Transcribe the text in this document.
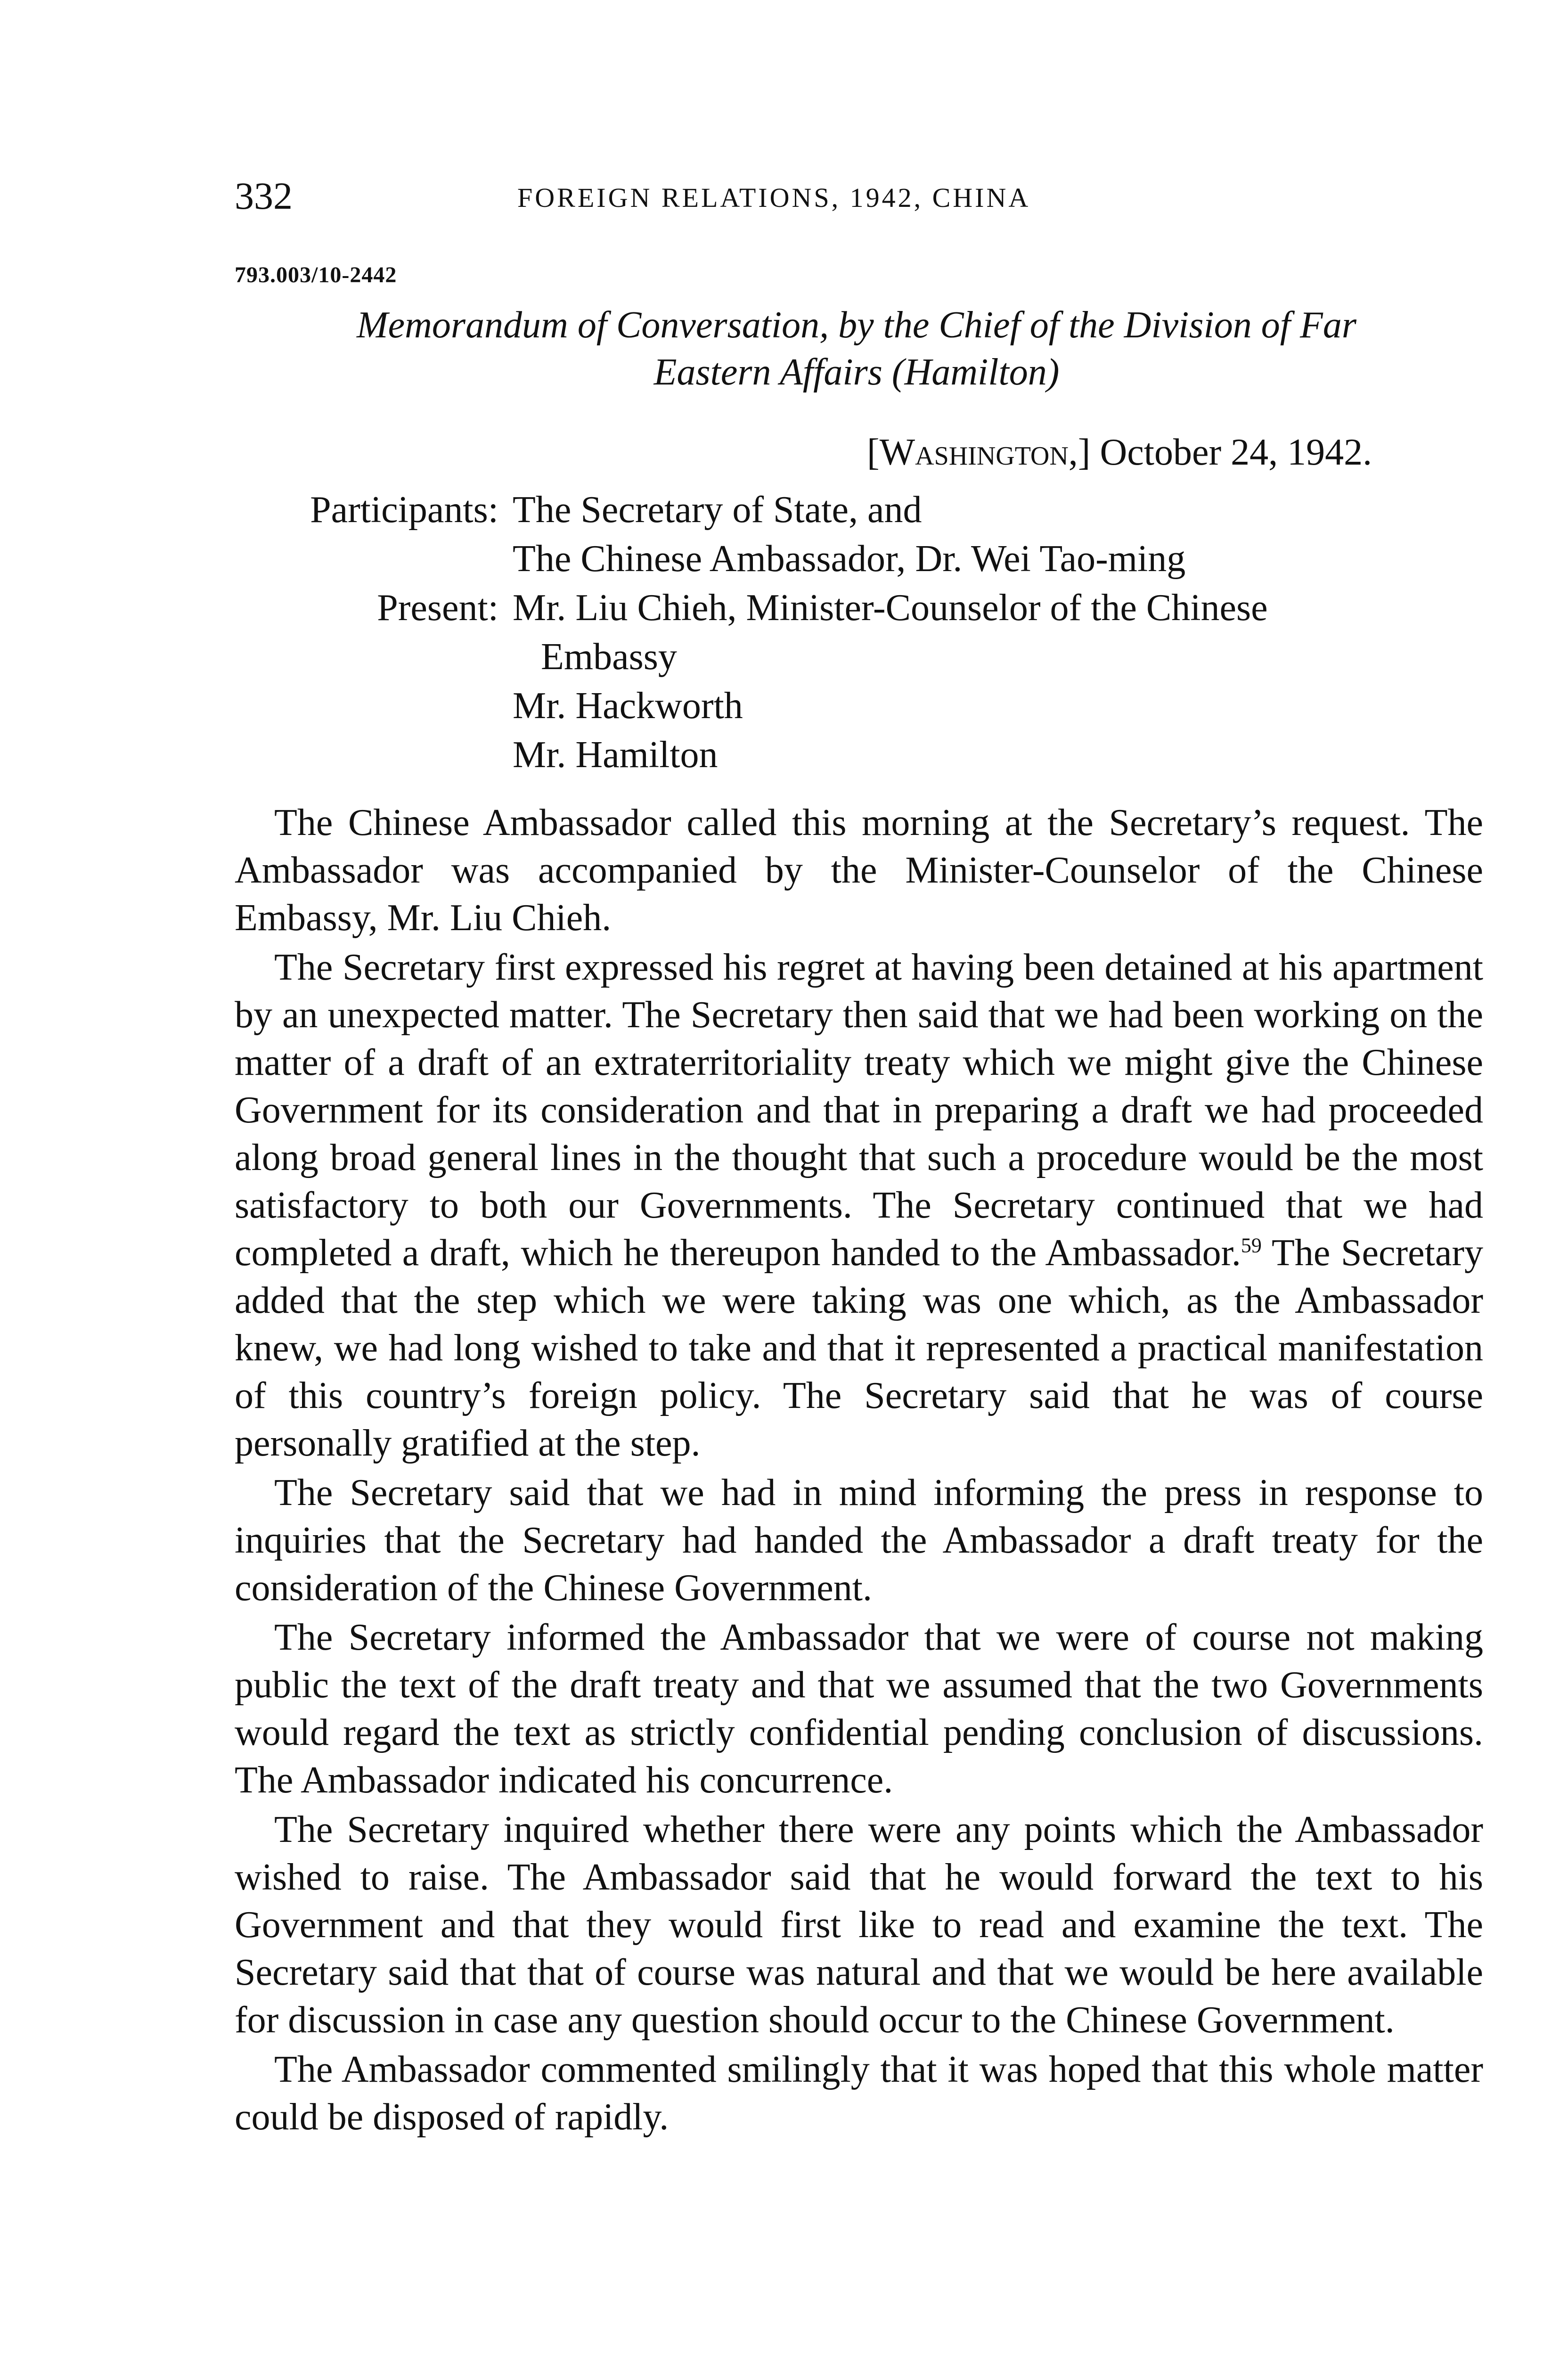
332	FOREIGN RELATIONS, 1942, CHINA
793.003/10-2442
Memorandum of Conversation, by the Chief of the Division of Far
Eastern Affairs (Hamilton)
[Washington,] October 24, 1942.
Participants: The Secretary of State, and
The Chinese Ambassador, Dr. Wei Tao-ming
Present: Mr. Liu Chieh, Minister-Counselor of the Chinese
Embassy
Mr. Hackworth
Mr. Hamilton

The Chinese Ambassador called this morning at the Secretary’s request. The Ambassador was accompanied by the Minister-Counselor of the Chinese Embassy, Mr. Liu Chieh.

The Secretary first expressed his regret at having been detained at his apartment by an unexpected matter. The Secretary then said that we had been working on the matter of a draft of an extraterritoriality treaty which we might give the Chinese Government for its consideration and that in preparing a draft we had proceeded along broad general lines in the thought that such a procedure would be the most satisfactory to both our Governments. The Secretary continued that we had completed a draft, which he thereupon handed to the Ambassador.$^{59}$ The Secretary added that the step which we were taking was one which, as the Ambassador knew, we had long wished to take and that it represented a practical manifestation of this country’s foreign policy. The Secretary said that he was of course personally gratified at the step.

The Secretary said that we had in mind informing the press in response to inquiries that the Secretary had handed the Ambassador a draft treaty for the consideration of the Chinese Government.

The Secretary informed the Ambassador that we were of course not making public the text of the draft treaty and that we assumed that the two Governments would regard the text as strictly confidential pending conclusion of discussions. The Ambassador indicated his concurrence.

The Secretary inquired whether there were any points which the Ambassador wished to raise. The Ambassador said that he would forward the text to his Government and that they would first like to read and examine the text. The Secretary said that that of course was natural and that we would be here available for discussion in case any question should occur to the Chinese Government.

The Ambassador commented smilingly that it was hoped that this whole matter could be disposed of rapidly.
